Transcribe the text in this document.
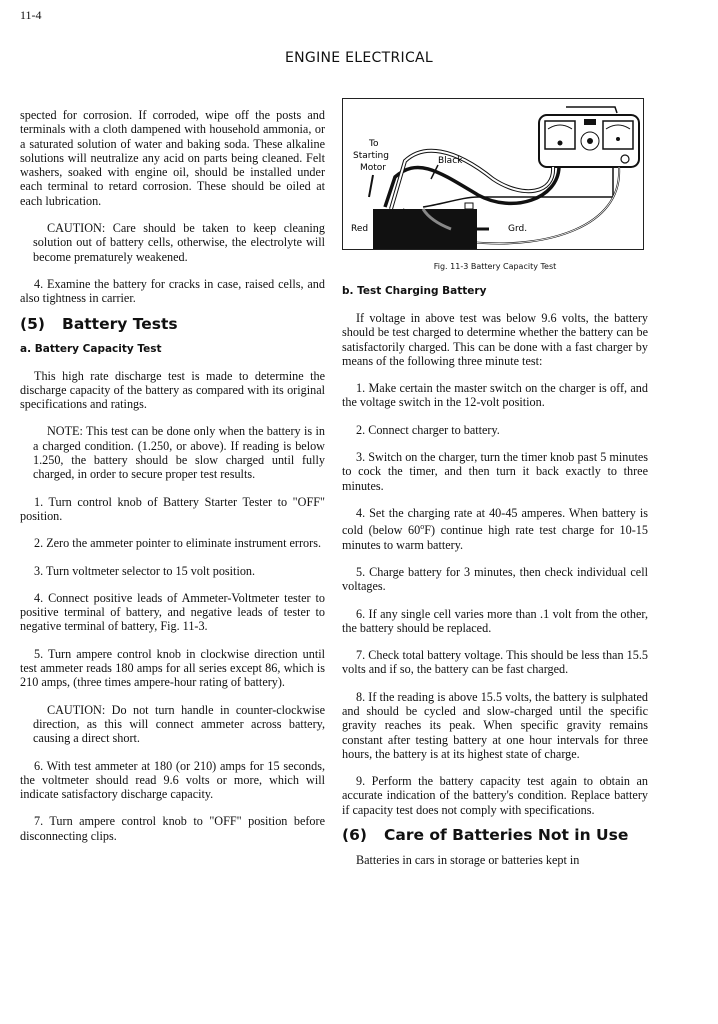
11-4
ENGINE ELECTRICAL

spected for corrosion. If corroded, wipe off the posts and terminals with a cloth dampened with household ammonia, or a saturated solution of water and baking soda. These alkaline solutions will neutralize any acid on parts being cleaned. Felt washers, soaked with engine oil, should be installed under each terminal to retard corrosion. These should be oiled at each lubrication.

CAUTION: Care should be taken to keep cleaning solution out of battery cells, otherwise, the electrolyte will become prematurely weakened.

4. Examine the battery for cracks in case, raised cells, and also tightness in carrier.

(5) Battery Tests
a. Battery Capacity Test

This high rate discharge test is made to determine the discharge capacity of the battery as compared with its original specifications and ratings.

NOTE: This test can be done only when the battery is in a charged condition. (1.250, or above). If reading is below 1.250, the battery should be slow charged until fully charged, in order to secure proper test results.

1. Turn control knob of Battery Starter Tester to "OFF" position.

2. Zero the ammeter pointer to eliminate instrument errors.

3. Turn voltmeter selector to 15 volt position.

4. Connect positive leads of Ammeter-Voltmeter tester to positive terminal of battery, and negative leads of tester to negative terminal of battery, Fig. 11-3.

5. Turn ampere control knob in clockwise direction until test ammeter reads 180 amps for all series except 86, which is 210 amps, (three times ampere-hour rating of battery).

CAUTION: Do not turn handle in counter-clockwise direction, as this will connect ammeter across battery, causing a direct short.

6. With test ammeter at 180 (or 210) amps for 15 seconds, the voltmeter should read 9.6 volts or more, which will indicate satisfactory discharge capacity.

7. Turn ampere control knob to "OFF" position before disconnecting clips.

To
Starting
Motor
Black
Red	Grd.
Fig. 11-3 Battery Capacity Test
b. Test Charging Battery

If voltage in above test was below 9.6 volts, the battery should be test charged to determine whether the battery can be satisfactorily charged. This can be done with a fast charger by means of the following three minute test:

1. Make certain the master switch on the charger is off, and the voltage switch in the 12-volt position.

2. Connect charger to battery.

3. Switch on the charger, turn the timer knob past 5 minutes to cock the timer, and then turn it back exactly to three minutes.

4. Set the charging rate at 40-45 amperes. When battery is cold (below 60$^o$F) continue high rate test charge for 10-15 minutes to warm battery.

5. Charge battery for 3 minutes, then check individual cell voltages.

6. If any single cell varies more than .1 volt from the other, the battery should be replaced.

7. Check total battery voltage. This should be less than 15.5 volts and if so, the battery can be fast charged.

8. If the reading is above 15.5 volts, the battery is sulphated and should be cycled and slow-charged until the specific gravity reaches its peak. When specific gravity remains constant after testing battery at one hour intervals for three hours, the battery is at its highest state of charge.

9. Perform the battery capacity test again to obtain an accurate indication of the battery's condition. Replace battery if capacity test does not comply with specifications.

(6) Care of Batteries Not in Use

Batteries in cars in storage or batteries kept in
